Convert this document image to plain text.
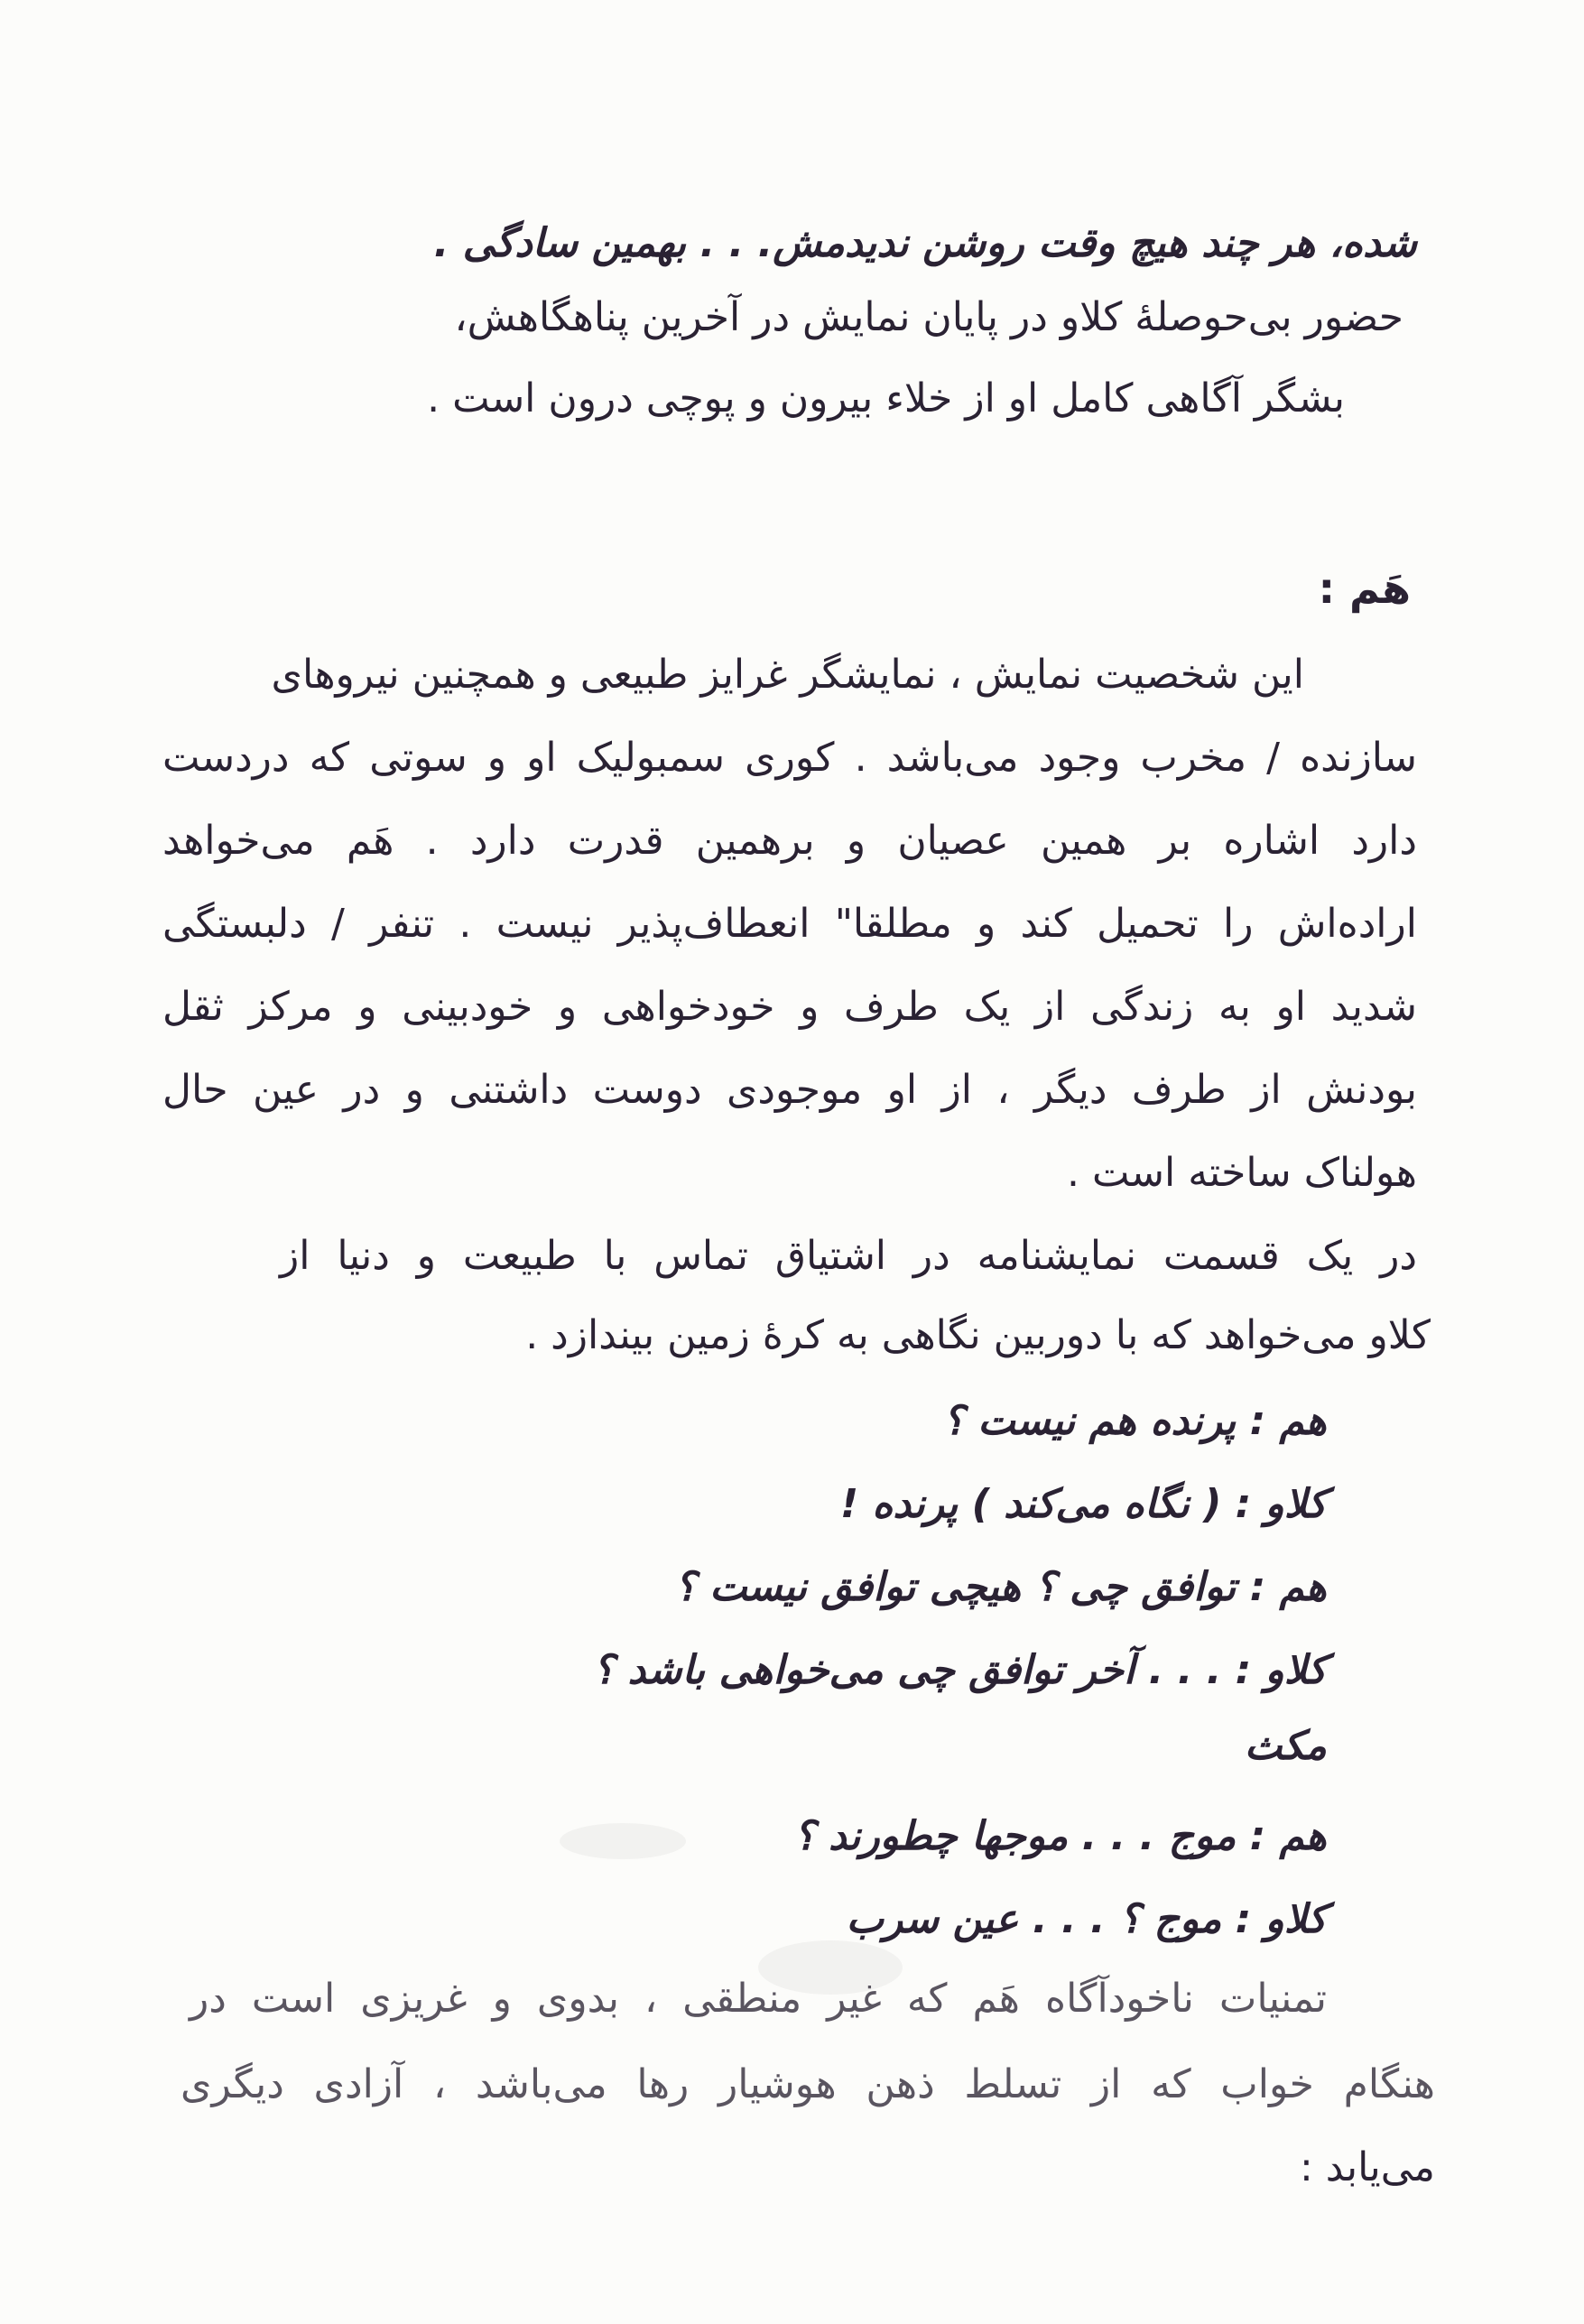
شده، هر چند هیچ وقت روشن ندیدمش. . . بهمین سادگی .
حضور بی‌حوصلهٔ کلاو در پایان نمایش در آخرین پناهگاهش،
بشگر آگاهی کامل او از خلاء بیرون و پوچی درون است .
هَم :
این شخصیت نمایش ، نمایشگر غرایز طبیعی و همچنین نیروهای
سازنده / مخرب وجود می‌باشد . کوری سمبولیک او و سوتی که دردست
دارد اشاره بر همین عصیان و برهمین قدرت دارد . هَم می‌خواهد
اراده‌اش را تحمیل کند و مطلقا" انعطاف‌پذیر نیست . تنفر / دلبستگی
شدید او به زندگی از یک طرف و خودخواهی و خودبینی و مرکز ثقل
بودنش از طرف دیگر ، از او موجودی دوست داشتنی و در عین حال
هولناک ساخته است .
در یک قسمت نمایشنامه در اشتیاق تماس با طبیعت و دنیا از
کلاو می‌خواهد که با دوربین نگاهی به کرهٔ زمین بیندازد .
هم : پرنده هم نیست ؟
کلاو : ( نگاه می‌کند ) پرنده !
هم : توافق چی ؟ هیچی توافق نیست ؟
کلاو : . . . آخر توافق چی می‌خواهی باشد ؟
مکث
هم : موج . . . موجها چطورند ؟
کلاو : موج ؟ . . . عین سرب
تمنیات ناخودآگاه هَم که غیر منطقی ، بدوی و غریزی است در
هنگام خواب که از تسلط ذهن هوشیار رها می‌باشد ، آزادی دیگری
می‌یابد :
